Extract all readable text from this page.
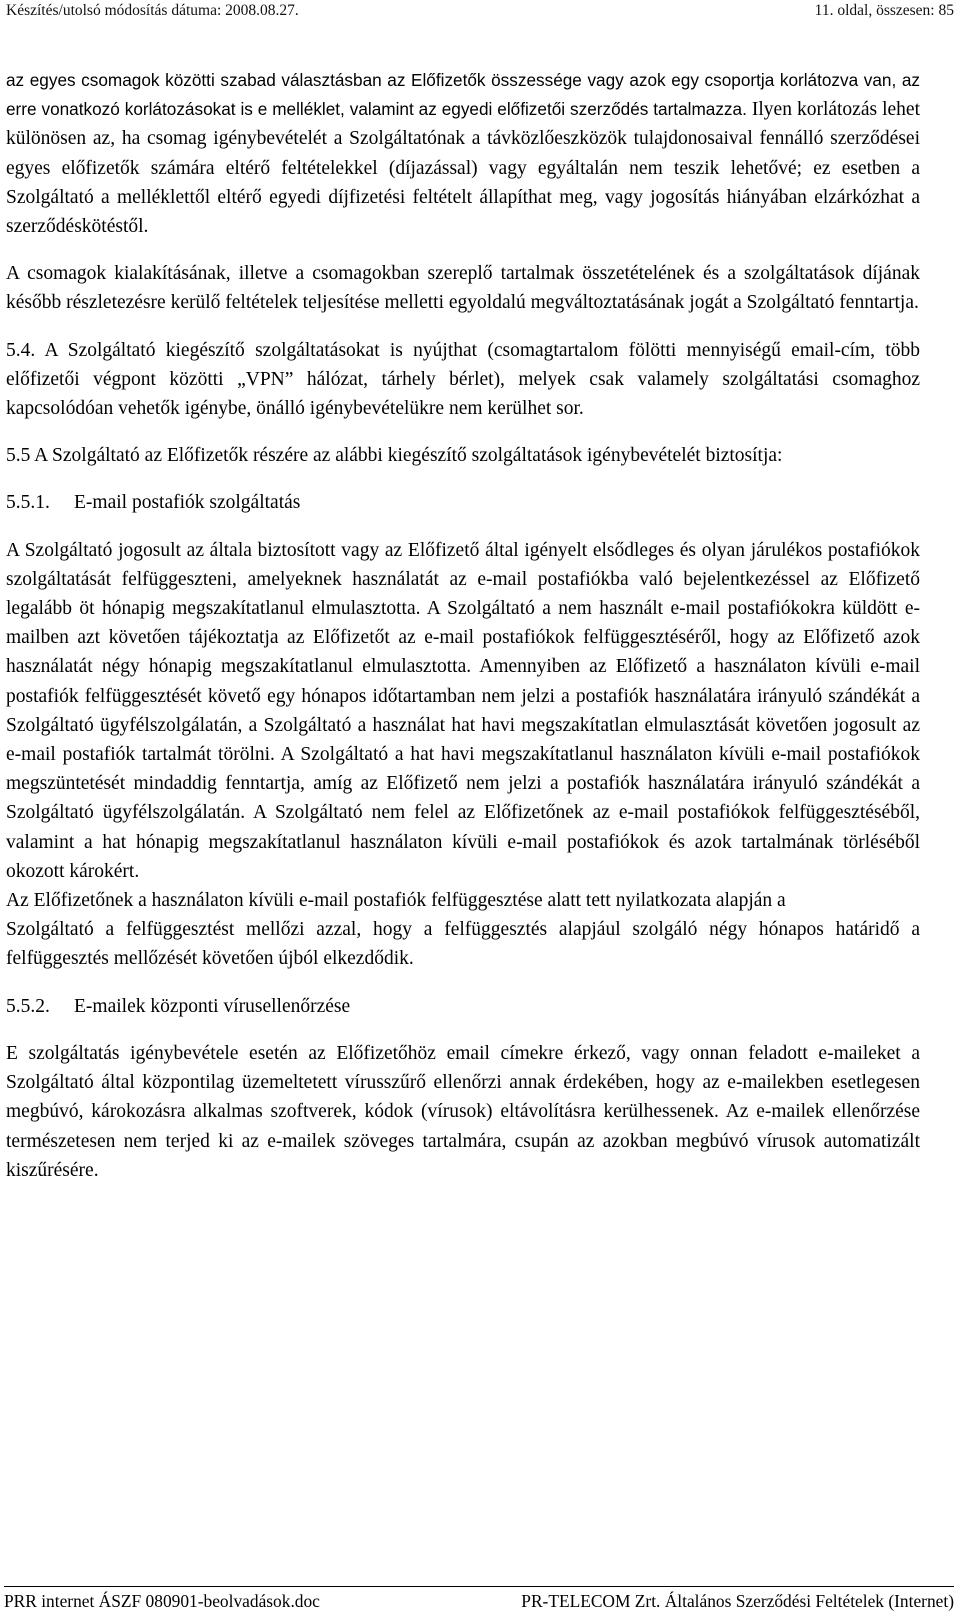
Készítés/utolsó módosítás dátuma: 2008.08.27.	11. oldal, összesen: 85

az egyes csomagok közötti szabad választásban az Előfizetők összessége vagy azok egy csoportja korlátozva van, az erre vonatkozó korlátozásokat is e melléklet, valamint az egyedi előfizetői szerződés tartalmazza. Ilyen korlátozás lehet különösen az, ha csomag igénybevételét a Szolgáltatónak a távközlőeszközök tulajdonosaival fennálló szerződései egyes előfizetők számára eltérő feltételekkel (díjazással) vagy egyáltalán nem teszik lehetővé; ez esetben a Szolgáltató a melléklettől eltérő egyedi díjfizetési feltételt állapíthat meg, vagy jogosítás hiányában elzárkózhat a szerződéskötéstől.

A csomagok kialakításának, illetve a csomagokban szereplő tartalmak összetételének és a szolgáltatások díjának később részletezésre kerülő feltételek teljesítése melletti egyoldalú megváltoztatásának jogát a Szolgáltató fenntartja.

5.4. A Szolgáltató kiegészítő szolgáltatásokat is nyújthat (csomagtartalom fölötti mennyiségű email-cím, több előfizetői végpont közötti „VPN” hálózat, tárhely bérlet), melyek csak valamely szolgáltatási csomaghoz kapcsolódóan vehetők igénybe, önálló igénybevételükre nem kerülhet sor.

5.5 A Szolgáltató az Előfizetők részére az alábbi kiegészítő szolgáltatások igénybevételét biztosítja:

5.5.1. E-mail postafiók szolgáltatás

A Szolgáltató jogosult az általa biztosított vagy az Előfizető által igényelt elsődleges és olyan járulékos postafiókok szolgáltatását felfüggeszteni, amelyeknek használatát az e-mail postafiókba való bejelentkezéssel az Előfizető legalább öt hónapig megszakítatlanul elmulasztotta. A Szolgáltató a nem használt e-mail postafiókokra küldött e-mailben azt követően tájékoztatja az Előfizetőt az e-mail postafiókok felfüggesztéséről, hogy az Előfizető azok használatát négy hónapig megszakítatlanul elmulasztotta. Amennyiben az Előfizető a használaton kívüli e-mail postafiók felfüggesztését követő egy hónapos időtartamban nem jelzi a postafiók használatára irányuló szándékát a Szolgáltató ügyfélszolgálatán, a Szolgáltató a használat hat havi megszakítatlan elmulasztását követően jogosult az e-mail postafiók tartalmát törölni. A Szolgáltató a hat havi megszakítatlanul használaton kívüli e-mail postafiókok megszüntetését mindaddig fenntartja, amíg az Előfizető nem jelzi a postafiók használatára irányuló szándékát a Szolgáltató ügyfélszolgálatán. A Szolgáltató nem felel az Előfizetőnek az e-mail postafiókok felfüggesztéséből, valamint a hat hónapig megszakítatlanul használaton kívüli e-mail postafiókok és azok tartalmának törléséből okozott károkért.

Az Előfizetőnek a használaton kívüli e-mail postafiók felfüggesztése alatt tett nyilatkozata alapján a

Szolgáltató a felfüggesztést mellőzi azzal, hogy a felfüggesztés alapjául szolgáló négy hónapos határidő a felfüggesztés mellőzését követően újból elkezdődik.

5.5.2. E-mailek központi vírusellenőrzése

E szolgáltatás igénybevétele esetén az Előfizetőhöz email címekre érkező, vagy onnan feladott e-maileket a Szolgáltató által központilag üzemeltetett vírusszűrő ellenőrzi annak érdekében, hogy az e-mailekben esetlegesen megbúvó, károkozásra alkalmas szoftverek, kódok (vírusok) eltávolításra kerülhessenek. Az e-mailek ellenőrzése természetesen nem terjed ki az e-mailek szöveges tartalmára, csupán az azokban megbúvó vírusok automatizált kiszűrésére.

PRR internet ÁSZF 080901-beolvadások.doc	PR-TELECOM Zrt. Általános Szerződési Feltételek (Internet)
